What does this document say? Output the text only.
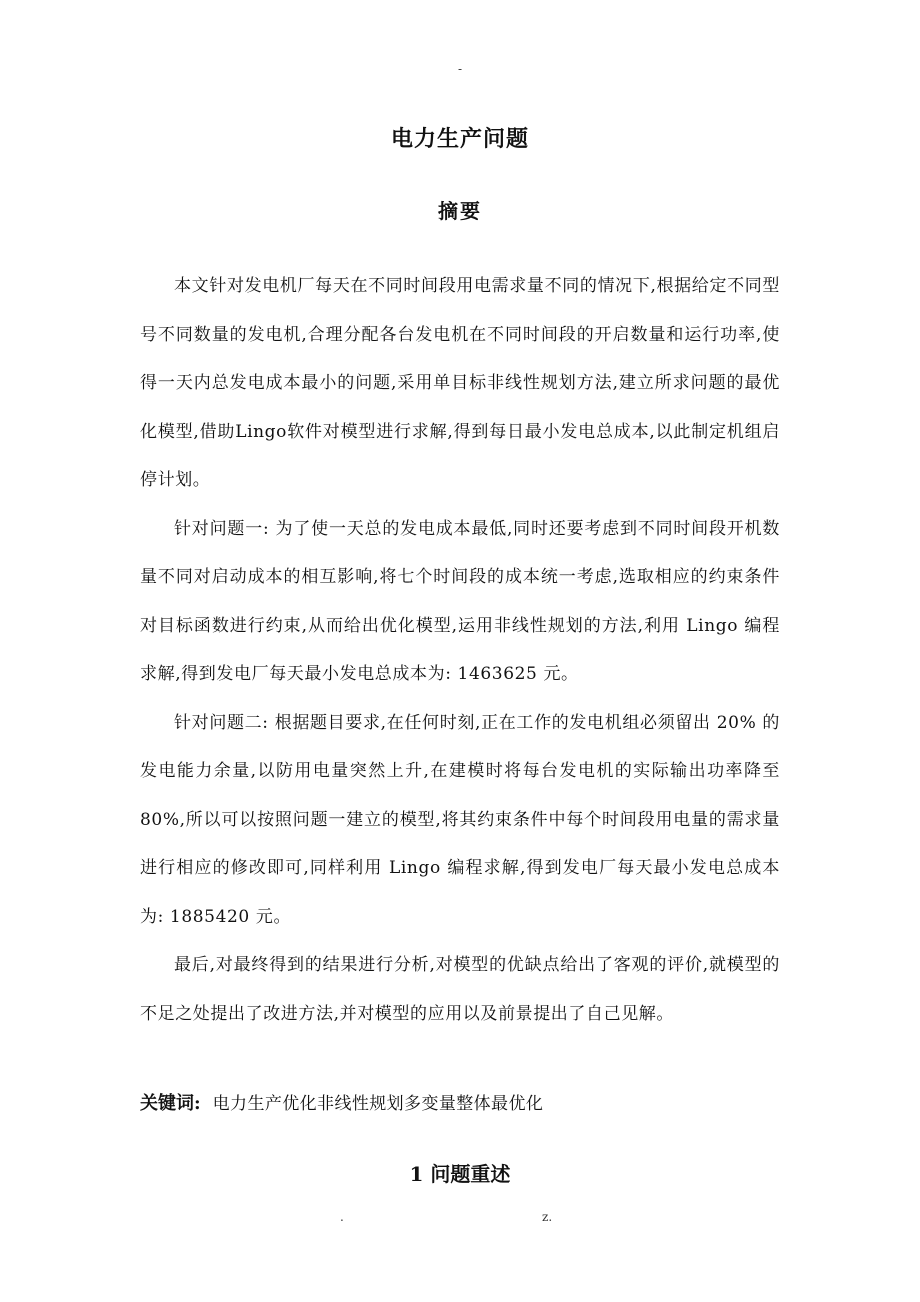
-
电力生产问题
摘要

本文针对发电机厂每天在不同时间段用电需求量不同的情况下,根据给定不同型号不同数量的发电机,合理分配各台发电机在不同时间段的开启数量和运行功率,使得一天内总发电成本最小的问题,采用单目标非线性规划方法,建立所求问题的最优化模型,借助Lingo软件对模型进行求解,得到每日最小发电总成本,以此制定机组启停计划。

针对问题一: 为了使一天总的发电成本最低,同时还要考虑到不同时间段开机数量不同对启动成本的相互影响,将七个时间段的成本统一考虑,选取相应的约束条件对目标函数进行约束,从而给出优化模型,运用非线性规划的方法,利用 Lingo 编程求解,得到发电厂每天最小发电总成本为: 1463625 元。

针对问题二: 根据题目要求,在任何时刻,正在工作的发电机组必须留出 20% 的发电能力余量,以防用电量突然上升,在建模时将每台发电机的实际输出功率降至 80%,所以可以按照问题一建立的模型,将其约束条件中每个时间段用电量的需求量进行相应的修改即可,同样利用 Lingo 编程求解,得到发电厂每天最小发电总成本为: 1885420 元。

最后,对最终得到的结果进行分析,对模型的优缺点给出了客观的评价,就模型的不足之处提出了改进方法,并对模型的应用以及前景提出了自己见解。

关键词: 电力生产优化非线性规划多变量整体最优化
1 问题重述
.	z.
